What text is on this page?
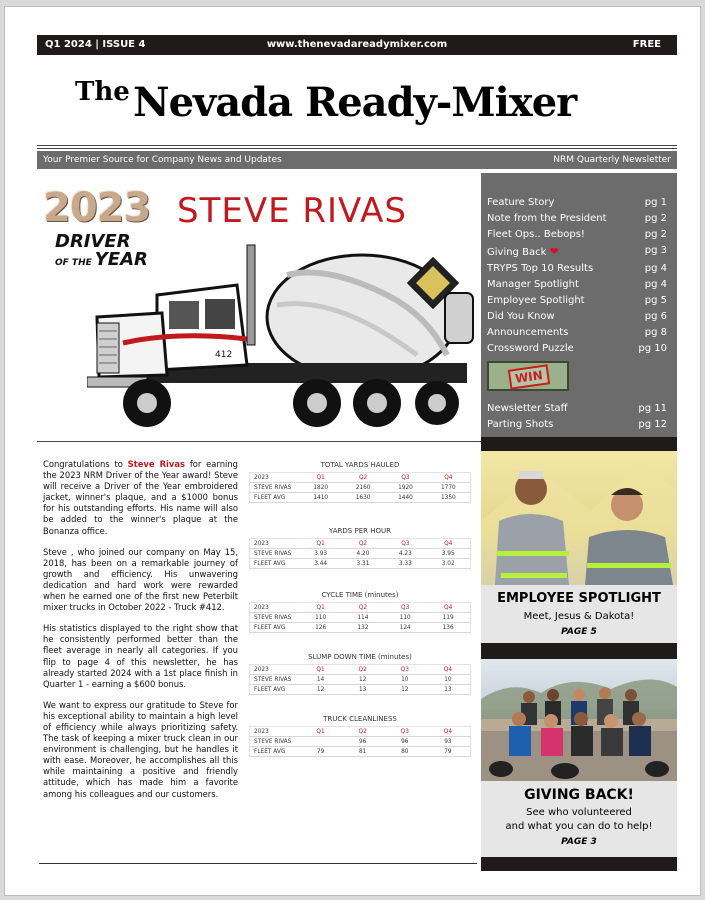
Q1 2024 | ISSUE 4	www.thenevadareadymixer.com	FREE
The Nevada Ready-Mixer
Your Premier Source for Company News and Updates	NRM Quarterly Newsletter
2023
DRIVER
OF THE YEAR
STEVE RIVAS
412
Feature Story	pg 1
Note from the President	pg 2
Fleet Ops.. Bebops!	pg 2
Giving Back ❤	pg 3
TRYPS Top 10 Results	pg 4
Manager Spotlight	pg 4
Employee Spotlight	pg 5
Did You Know	pg 6
Announcements	pg 8
Crossword Puzzle	pg 10
WIN
Newsletter Staff	pg 11
Parting Shots	pg 12

Congratulations to Steve Rivas for earning the 2023 NRM Driver of the Year award! Steve will receive a Driver of the Year embroidered jacket, winner's plaque, and a $1000 bonus for his outstanding efforts. His name will also be added to the winner's plaque at the Bonanza office.

Steve , who joined our company on May 15, 2018, has been on a remarkable journey of growth and efficiency. His unwavering dedication and hard work were rewarded when he earned one of the first new Peterbilt mixer trucks in October 2022 - Truck #412.

His statistics displayed to the right show that he consistently performed better than the fleet average in nearly all categories. If you flip to page 4 of this newsletter, he has already started 2024 with a 1st place finish in Quarter 1 - earning a $600 bonus.

We want to express our gratitude to Steve for his exceptional ability to maintain a high level of efficiency while always prioritizing safety. The task of keeping a mixer truck clean in our environment is challenging, but he handles it with ease. Moreover, he accomplishes all this while maintaining a positive and friendly attitude, which has made him a favorite among his colleagues and our customers.

TOTAL YARDS HAULED
2023	Q1	Q2	Q3	Q4
STEVE RIVAS	1820	2160	1920	1770
FLEET AVG	1410	1630	1440	1350
YARDS PER HOUR
2023	Q1	Q2	Q3	Q4
STEVE RIVAS	3.93	4.20	4.23	3.95
FLEET AVG	3.44	3.31	3.33	3.02
CYCLE TIME (minutes)
2023	Q1	Q2	Q3	Q4
STEVE RIVAS	110	114	110	119
FLEET AVG	126	132	124	136
SLUMP DOWN TIME (minutes)
2023	Q1	Q2	Q3	Q4
STEVE RIVAS	14	12	10	10
FLEET AVG	12	13	12	13
TRUCK CLEANLINESS
2023	Q1	Q2	Q3	Q4
STEVE RIVAS		96	96	93
FLEET AVG	79	81	80	79
EMPLOYEE SPOTLIGHT
Meet, Jesus & Dakota!
PAGE 5
GIVING BACK!
See who volunteered
and what you can do to help!
PAGE 3
